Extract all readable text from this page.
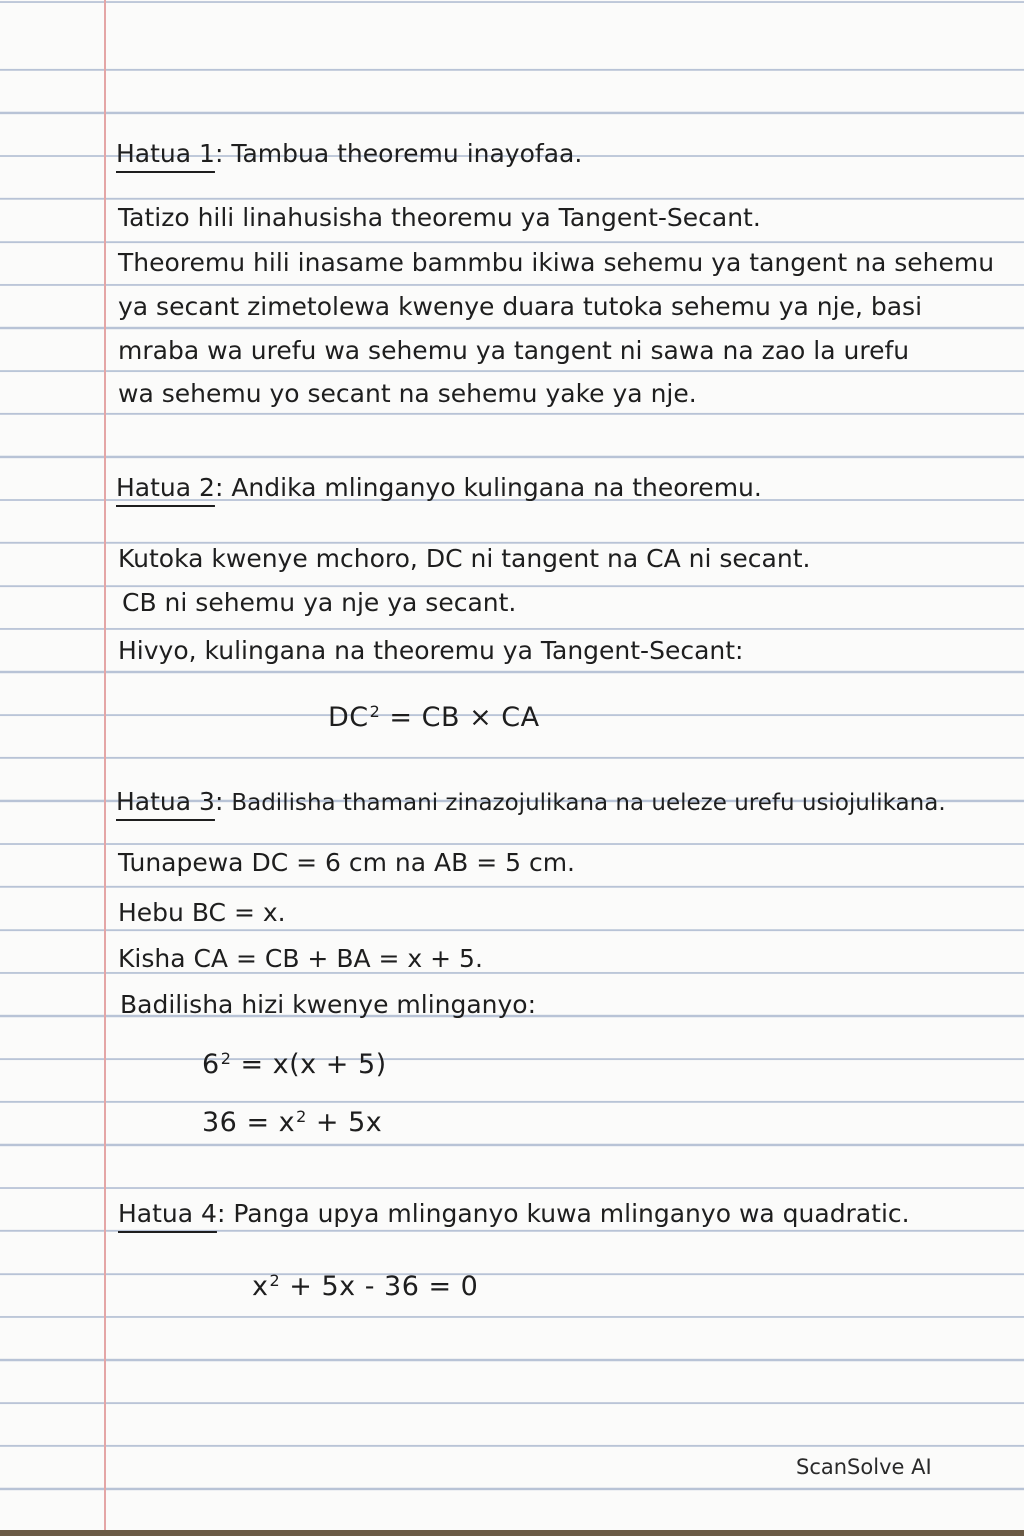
Hatua 1: Tambua theoremu inayofaa.
Tatizo hili linahusisha theoremu ya Tangent-Secant.
Theoremu hili inasame bammbu ikiwa sehemu ya tangent na sehemu
ya secant zimetolewa kwenye duara tutoka sehemu ya nje, basi
mraba wa urefu wa sehemu ya tangent ni sawa na zao la urefu
wa sehemu yo secant na sehemu yake ya nje.
Hatua 2: Andika mlinganyo kulingana na theoremu.
Kutoka kwenye mchoro, DC ni tangent na CA ni secant.
CB ni sehemu ya nje ya secant.
Hivyo, kulingana na theoremu ya Tangent-Secant:
$DC^2$ = CB × CA
Hatua 3: Badilisha thamani zinazojulikana na ueleze urefu usiojulikana.
Tunapewa DC = 6 cm na AB = 5 cm.
Hebu BC = x.
Kisha CA = CB + BA = x + 5.
Badilisha hizi kwenye mlinganyo:
$6^2 = x(x + 5)$
$36 = x^2 + 5x$
Hatua 4: Panga upya mlinganyo kuwa mlinganyo wa quadratic.
$x^2 + 5x - 36 = 0$
ScanSolve AI
